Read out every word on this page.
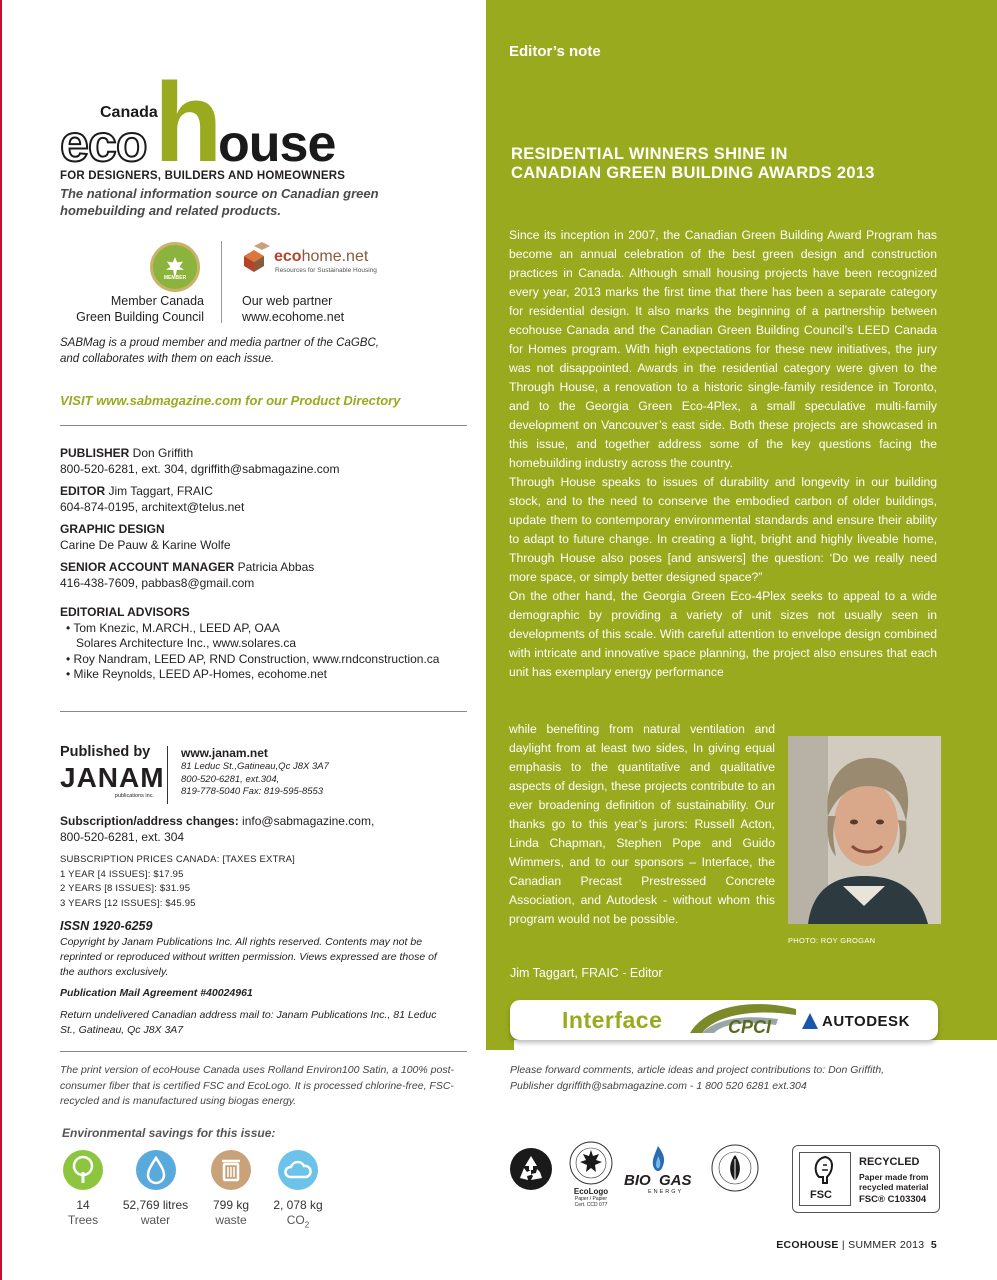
h
Canada
eco ouse
FOR DESIGNERS, BUILDERS AND HOMEOWNERS
The national information source on Canadian green homebuilding and related products.
MEMBER
ecohome.net
Resources for Sustainable Housing
Member Canada
Green Building Council
Our web partner
www.ecohome.net
SABMag is a proud member and media partner of the CaGBC, and collaborates with them on each issue.
VISIT www.sabmagazine.com for our Product Directory
PUBLISHER Don Griffith
800-520-6281, ext. 304, dgriffith@sabmagazine.com
EDITOR Jim Taggart, FRAIC
604-874-0195, architext@telus.net
GRAPHIC DESIGN
Carine De Pauw & Karine Wolfe
SENIOR ACCOUNT MANAGER Patricia Abbas
416-438-7609, pabbas8@gmail.com
EDITORIAL ADVISORS
• Tom Knezic, M.ARCH., LEED AP, OAA
Solares Architecture Inc., www.solares.ca
• Roy Nandram, LEED AP, RND Construction, www.rndconstruction.ca
• Mike Reynolds, LEED AP-Homes, ecohome.net
Published by
JANAM
publications inc.
www.janam.net
81 Leduc St.,Gatineau,Qc J8X 3A7
800-520-6281, ext.304,
819-778-5040 Fax: 819-595-8553
Subscription/address changes: info@sabmagazine.com,
800-520-6281, ext. 304
SUBSCRIPTION PRICES CANADA: [TAXES EXTRA]
1 YEAR [4 ISSUES]: $17.95
2 YEARS [8 ISSUES]: $31.95
3 YEARS [12 ISSUES]: $45.95
ISSN 1920-6259
Copyright by Janam Publications Inc. All rights reserved. Contents may not be reprinted or reproduced without written permission. Views expressed are those of the authors exclusively.
Publication Mail Agreement #40024961
Return undelivered Canadian address mail to: Janam Publications Inc., 81 Leduc St., Gatineau, Qc J8X 3A7
The print version of ecoHouse Canada uses Rolland Environ100 Satin, a 100% post-consumer fiber that is certified FSC and EcoLogo. It is processed chlorine-free, FSC-recycled and is manufactured using biogas energy.
Environmental savings for this issue:
14
Trees
52,769 litres
water
799 kg
waste
2, 078 kg
$CO_2$
Editor’s note
RESIDENTIAL WINNERS SHINE IN
CANADIAN GREEN BUILDING AWARDS 2013

Since its inception in 2007, the Canadian Green Building Award Program has become an annual celebration of the best green design and construction practices in Canada. Although small housing projects have been recognized every year, 2013 marks the first time that there has been a separate category for residential design. It also marks the beginning of a partnership between ecohouse Canada and the Canadian Green Building Council’s LEED Canada for Homes program. With high expectations for these new initiatives, the jury was not disappointed. Awards in the residential category were given to the Through House, a renovation to a historic single-family residence in Toronto, and to the Georgia Green Eco-4Plex, a small speculative multi-family development on Vancouver’s east side. Both these projects are showcased in this issue, and together address some of the key questions facing the homebuilding industry across the country.

Through House speaks to issues of durability and longevity in our building stock, and to the need to conserve the embodied carbon of older buildings, update them to contemporary environmental standards and ensure their ability to adapt to future change. In creating a light, bright and highly liveable home, Through House also poses [and answers] the question: ‘Do we really need more space, or simply better designed space?”

On the other hand, the Georgia Green Eco-4Plex seeks to appeal to a wide demographic by providing a variety of unit sizes not usually seen in developments of this scale. With careful attention to envelope design combined with intricate and innovative space planning, the project also ensures that each unit has exemplary energy performance

while benefiting from natural ventilation and daylight from at least two sides, In giving equal emphasis to the quantitative and qualitative aspects of design, these projects contribute to an ever broadening definition of sustainability. Our thanks go to this year’s jurors: Russell Acton, Linda Chapman, Stephen Pope and Guido Wimmers, and to our sponsors – Interface, the Canadian Precast Prestressed Concrete Association, and Autodesk - without whom this program would not be possible.

PHOTO: ROY GROGAN
Jim Taggart, FRAIC - Editor
Interface	CPCI	AUTODESK
Please forward comments, article ideas and project contributions to: Don Griffith, Publisher dgriffith@sabmagazine.com - 1 800 520 6281 ext.304
EcoLogo
Paper / Papier
Cert. CCD 077
BIO GAS
ENERGY	FSC
RECYCLED
Paper made from
recycled material
FSC® C103304
ECOHOUSE | SUMMER 2013 5
